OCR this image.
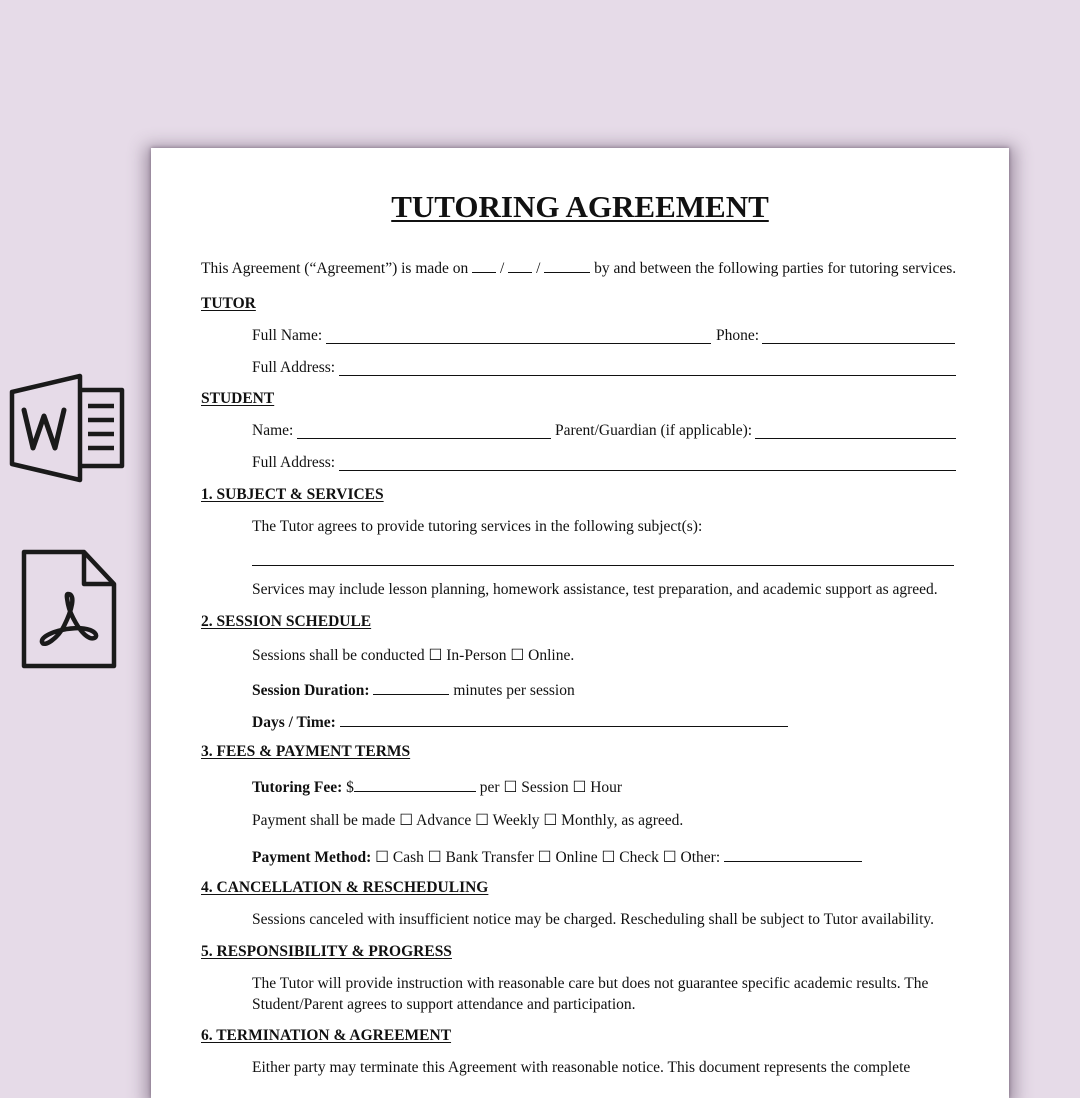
TUTORING AGREEMENT
This Agreement (“Agreement”) is made on / /	by and between the following parties for tutoring services.
TUTOR
Full Name:	Phone:
Full Address:
STUDENT
Name:	Parent/Guardian (if applicable):
Full Address:
1. SUBJECT & SERVICES
The Tutor agrees to provide tutoring services in the following subject(s):
Services may include lesson planning, homework assistance, test preparation, and academic support as agreed.
2. SESSION SCHEDULE
Sessions shall be conducted ☐ In-Person ☐ Online.
Session Duration:	minutes per session
Days / Time:
3. FEES & PAYMENT TERMS
Tutoring Fee: $	per ☐ Session ☐ Hour
Payment shall be made ☐ Advance ☐ Weekly ☐ Monthly, as agreed.
Payment Method: ☐ Cash ☐ Bank Transfer ☐ Online ☐ Check ☐ Other:
4. CANCELLATION & RESCHEDULING
Sessions canceled with insufficient notice may be charged. Rescheduling shall be subject to Tutor availability.
5. RESPONSIBILITY & PROGRESS
The Tutor will provide instruction with reasonable care but does not guarantee specific academic results. The
Student/Parent agrees to support attendance and participation.
6. TERMINATION & AGREEMENT
Either party may terminate this Agreement with reasonable notice. This document represents the complete
